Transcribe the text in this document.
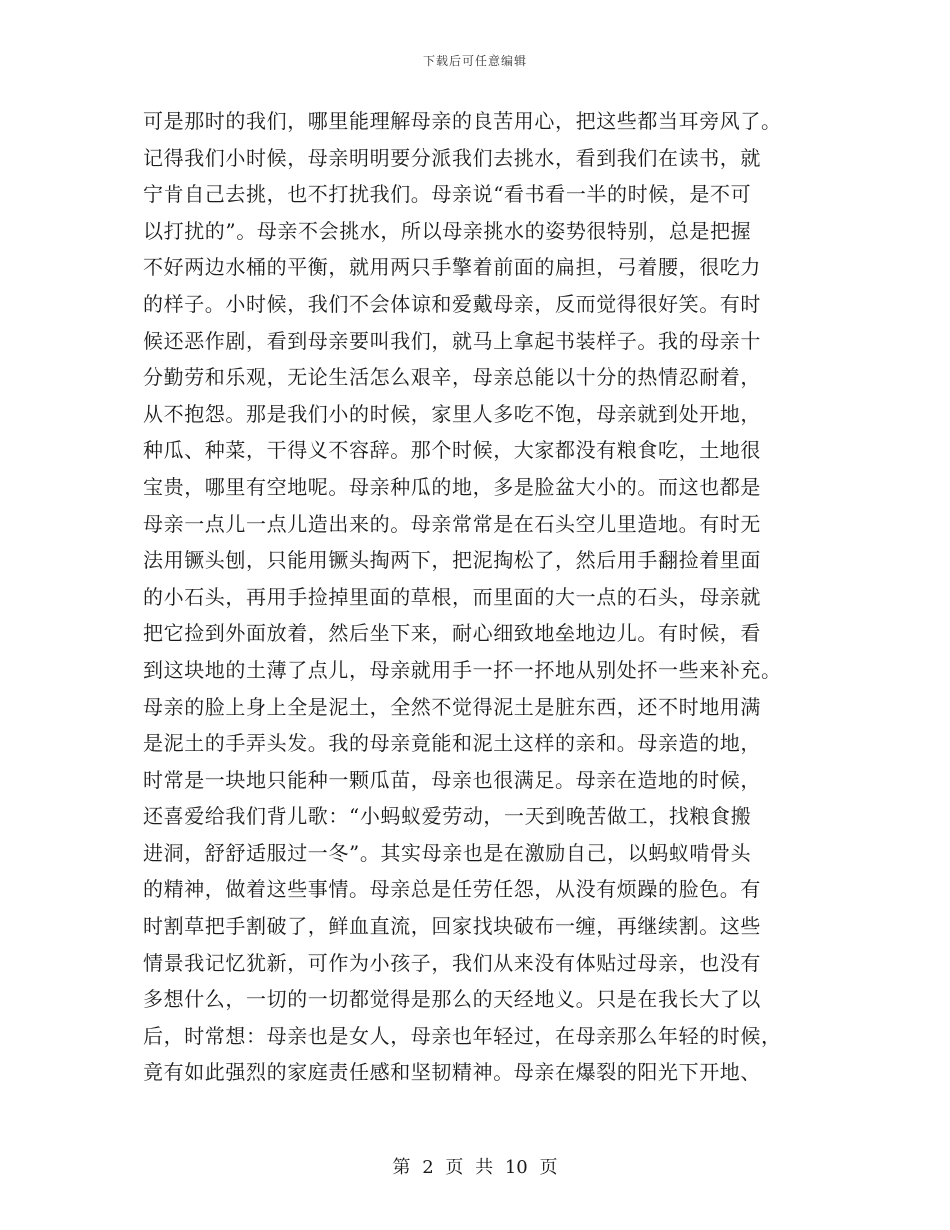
下载后可任意编辑
可是那时的我们，哪里能理解母亲的良苦用心，把这些都当耳旁风了。
记得我们小时候，母亲明明要分派我们去挑水，看到我们在读书，就
宁肯自己去挑，也不打扰我们。母亲说“看书看一半的时候，是不可
以打扰的”。母亲不会挑水，所以母亲挑水的姿势很特别，总是把握
不好两边水桶的平衡，就用两只手擎着前面的扁担，弓着腰，很吃力
的样子。小时候，我们不会体谅和爱戴母亲，反而觉得很好笑。有时
候还恶作剧，看到母亲要叫我们，就马上拿起书装样子。我的母亲十
分勤劳和乐观，无论生活怎么艰辛，母亲总能以十分的热情忍耐着，
从不抱怨。那是我们小的时候，家里人多吃不饱，母亲就到处开地，
种瓜、种菜，干得义不容辞。那个时候，大家都没有粮食吃，土地很
宝贵，哪里有空地呢。母亲种瓜的地，多是脸盆大小的。而这也都是
母亲一点儿一点儿造出来的。母亲常常是在石头空儿里造地。有时无
法用镢头刨，只能用镢头掏两下，把泥掏松了，然后用手翻捡着里面
的小石头，再用手捡掉里面的草根，而里面的大一点的石头，母亲就
把它捡到外面放着，然后坐下来，耐心细致地垒地边儿。有时候，看
到这块地的土薄了点儿，母亲就用手一抔一抔地从别处抔一些来补充。
母亲的脸上身上全是泥土，全然不觉得泥土是脏东西，还不时地用满
是泥土的手弄头发。我的母亲竟能和泥土这样的亲和。母亲造的地，
时常是一块地只能种一颗瓜苗，母亲也很满足。母亲在造地的时候，
还喜爱给我们背儿歌：“小蚂蚁爱劳动，一天到晚苦做工，找粮食搬
进洞，舒舒适服过一冬”。其实母亲也是在激励自己，以蚂蚁啃骨头
的精神，做着这些事情。母亲总是任劳任怨，从没有烦躁的脸色。有
时割草把手割破了，鲜血直流，回家找块破布一缠，再继续割。这些
情景我记忆犹新，可作为小孩子，我们从来没有体贴过母亲，也没有
多想什么，一切的一切都觉得是那么的天经地义。只是在我长大了以
后，时常想：母亲也是女人，母亲也年轻过，在母亲那么年轻的时候，
竟有如此强烈的家庭责任感和坚韧精神。母亲在爆裂的阳光下开地、
第 2 页 共 10 页
